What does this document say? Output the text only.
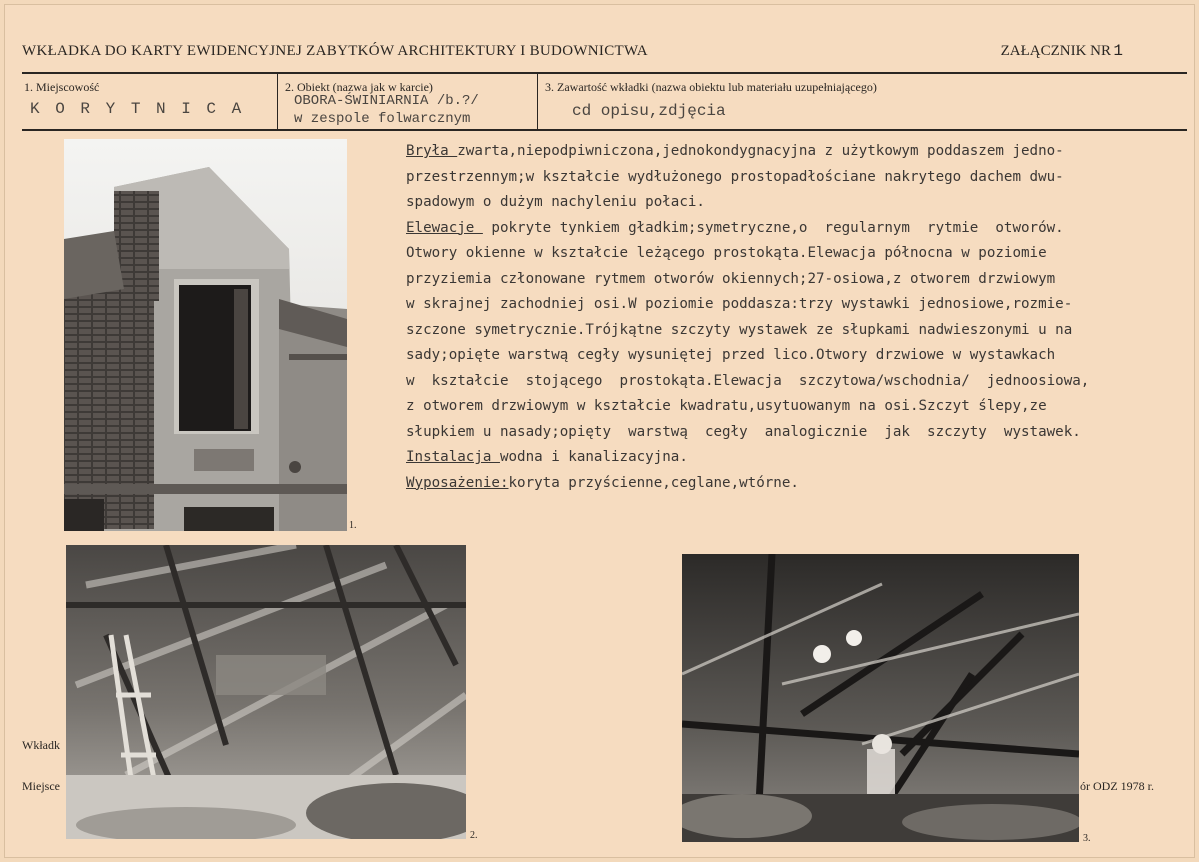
WKŁADKA DO KARTY EWIDENCYJNEJ ZABYTKÓW ARCHITEKTURY I BUDOWNICTWA	ZAŁĄCZNIK NR 1
1. Miejscowość
K O R Y T N I C A
2. Obiekt (nazwa jak w karcie)
OBORA-ŚWINIARNIA /b.?/
w zespole folwarcznym
3. Zawartość wkładki (nazwa obiektu lub materiału uzupełniającego)
cd opisu,zdjęcia
Bryła zwarta,niepodpiwniczona,jednokondygnacyjna z użytkowym poddaszem jedno-
przestrzennym;w kształcie wydłużonego prostopadłościane nakrytego dachem dwu-
spadowym o dużym nachyleniu połaci.
Elewacje  pokryte tynkiem gładkim;symetryczne,o  regularnym  rytmie  otworów.
Otwory okienne w kształcie leżącego prostokąta.Elewacja północna w poziomie
przyziemia członowane rytmem otworów okiennych;27-osiowa,z otworem drzwiowym
w skrajnej zachodniej osi.W poziomie poddasza:trzy wystawki jednosiowe,rozmie-
szczone symetrycznie.Trójkątne szczyty wystawek ze słupkami nadwieszonymi u na
sady;opięte warstwą cegły wysuniętej przed lico.Otwory drzwiowe w wystawkach
w  kształcie  stojącego  prostokąta.Elewacja  szczytowa/wschodnia/  jednoosiowa,
z otworem drzwiowym w kształcie kwadratu,usytuowanym na osi.Szczyt ślepy,ze
słupkiem u nasady;opięty  warstwą  cegły  analogicznie  jak  szczyty  wystawek.
Instalacja wodna i kanalizacyjna.
Wyposażenie:koryta przyścienne,ceglane,wtórne.
1.
2.	3.
Wkładk
Miejsce	ór ODZ 1978 r.
